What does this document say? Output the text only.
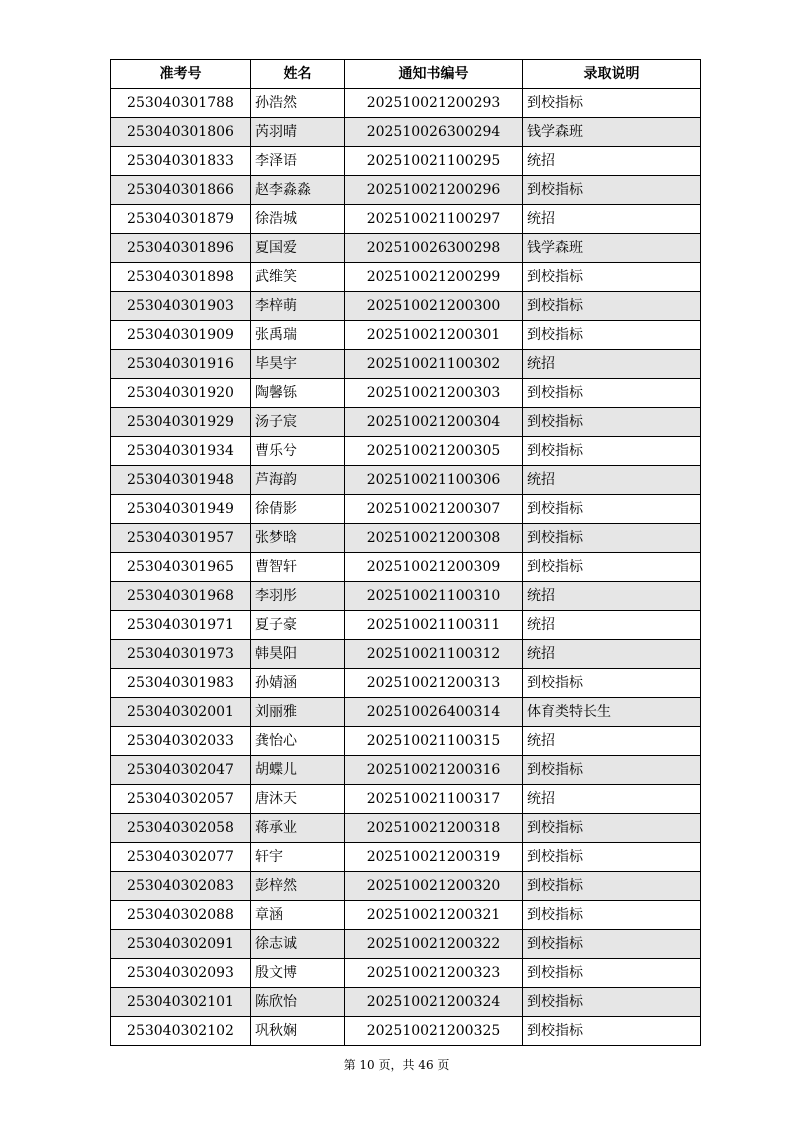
准考号	姓名	通知书编号	录取说明
253040301788	孙浩然	202510021200293	到校指标
253040301806	芮羽晴	202510026300294	钱学森班
253040301833	李泽语	202510021100295	统招
253040301866	赵李淼淼	202510021200296	到校指标
253040301879	徐浩城	202510021100297	统招
253040301896	夏国爱	202510026300298	钱学森班
253040301898	武维笑	202510021200299	到校指标
253040301903	李梓萌	202510021200300	到校指标
253040301909	张禹瑞	202510021200301	到校指标
253040301916	毕昊宇	202510021100302	统招
253040301920	陶馨铄	202510021200303	到校指标
253040301929	汤子宸	202510021200304	到校指标
253040301934	曹乐兮	202510021200305	到校指标
253040301948	芦海韵	202510021100306	统招
253040301949	徐倩影	202510021200307	到校指标
253040301957	张梦晗	202510021200308	到校指标
253040301965	曹智轩	202510021200309	到校指标
253040301968	李羽彤	202510021100310	统招
253040301971	夏子豪	202510021100311	统招
253040301973	韩昊阳	202510021100312	统招
253040301983	孙婧涵	202510021200313	到校指标
253040302001	刘丽雅	202510026400314	体育类特长生
253040302033	龚怡心	202510021100315	统招
253040302047	胡蝶儿	202510021200316	到校指标
253040302057	唐沐天	202510021100317	统招
253040302058	蒋承业	202510021200318	到校指标
253040302077	轩宇	202510021200319	到校指标
253040302083	彭梓然	202510021200320	到校指标
253040302088	章涵	202510021200321	到校指标
253040302091	徐志诚	202510021200322	到校指标
253040302093	殷文博	202510021200323	到校指标
253040302101	陈欣怡	202510021200324	到校指标
253040302102	巩秋娴	202510021200325	到校指标
第 10 页，共 46 页
